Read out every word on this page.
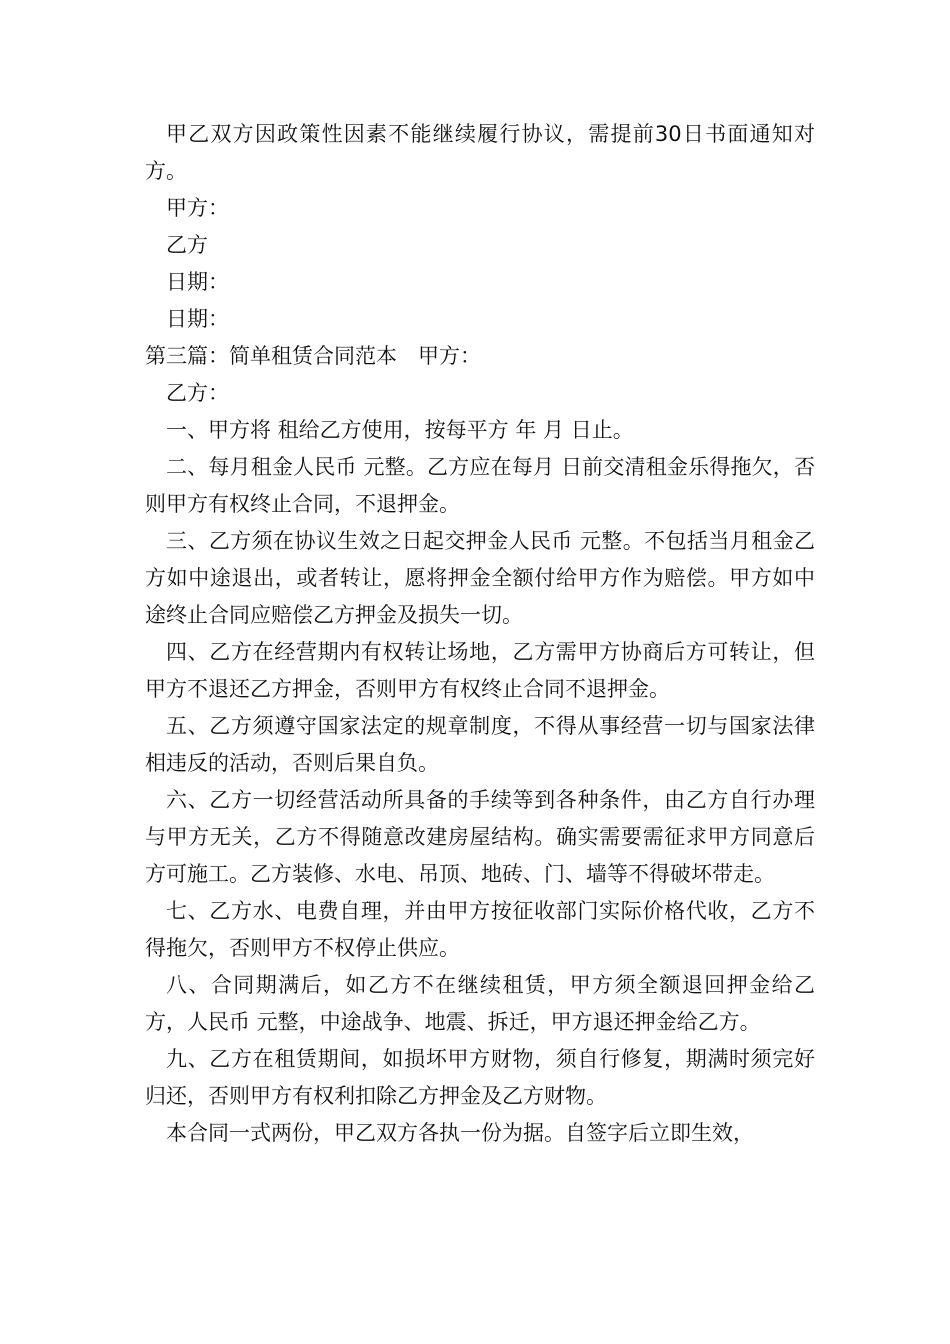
甲乙双方因政策性因素不能继续履行协议，需提前30日书面通知对方。

甲方：

乙方

日期：

日期：

第三篇：简单租赁合同范本　甲方：

乙方：

一、甲方将 租给乙方使用，按每平方 年 月 日止。

二、每月租金人民币 元整。乙方应在每月 日前交清租金乐得拖欠，否则甲方有权终止合同，不退押金。

三、乙方须在协议生效之日起交押金人民币 元整。不包括当月租金乙方如中途退出，或者转让，愿将押金全额付给甲方作为赔偿。甲方如中途终止合同应赔偿乙方押金及损失一切。

四、乙方在经营期内有权转让场地，乙方需甲方协商后方可转让，但甲方不退还乙方押金，否则甲方有权终止合同不退押金。

五、乙方须遵守国家法定的规章制度，不得从事经营一切与国家法律相违反的活动，否则后果自负。

六、乙方一切经营活动所具备的手续等到各种条件，由乙方自行办理与甲方无关，乙方不得随意改建房屋结构。确实需要需征求甲方同意后方可施工。乙方装修、水电、吊顶、地砖、门、墙等不得破坏带走。

七、乙方水、电费自理，并由甲方按征收部门实际价格代收，乙方不得拖欠，否则甲方不权停止供应。

八、合同期满后，如乙方不在继续租赁，甲方须全额退回押金给乙方，人民币 元整，中途战争、地震、拆迁，甲方退还押金给乙方。

九、乙方在租赁期间，如损坏甲方财物，须自行修复，期满时须完好归还，否则甲方有权利扣除乙方押金及乙方财物。

本合同一式两份，甲乙双方各执一份为据。自签字后立即生效，
